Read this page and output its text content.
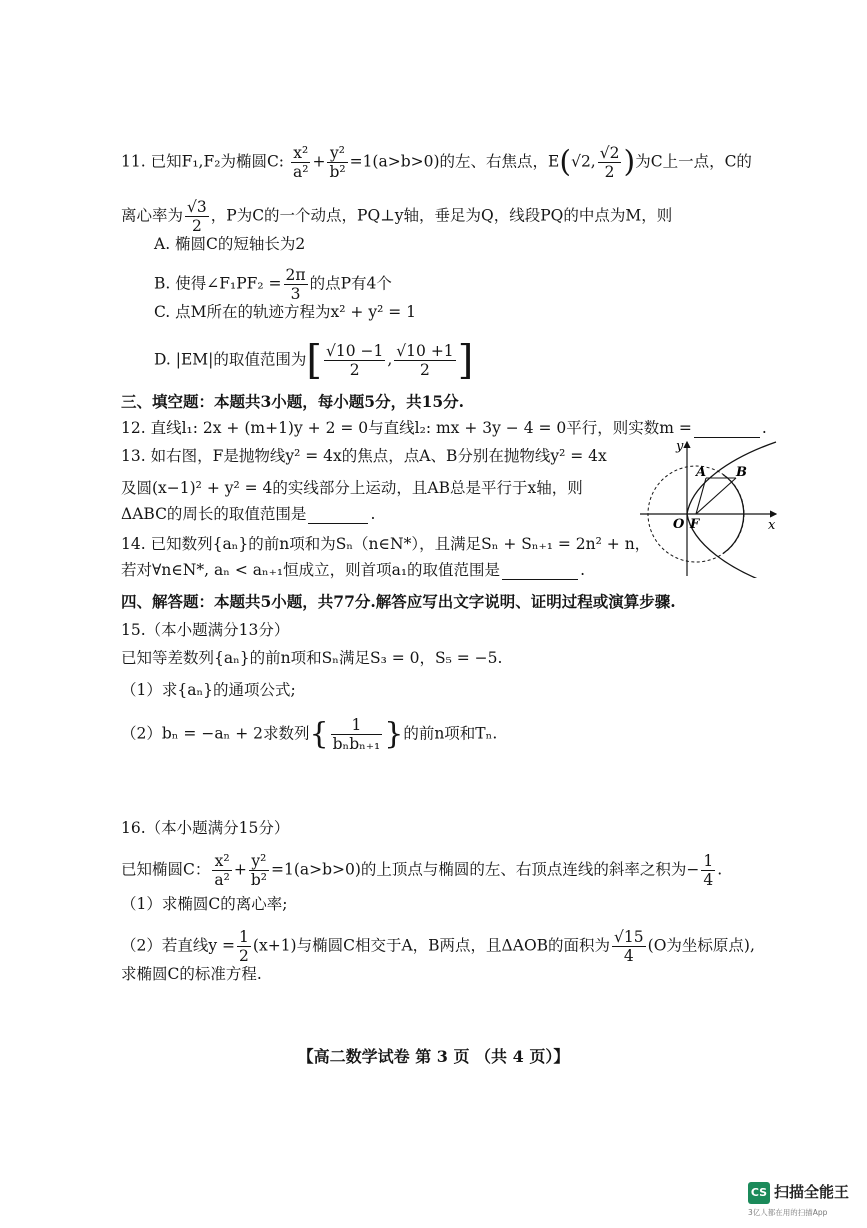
11. 已知F₁,F₂为椭圆C: $\frac{\text{x²}}{\text{a²}} + \frac{\text{y²}}{\text{b²}} =1(a>b>0)$的左、右焦点，E(√2, $\frac{√2}{2}$ )为C上一点，C的
离心率为 $\frac{√3}{2}$ ，P为C的一个动点，PQ⊥y轴，垂足为Q，线段PQ的中点为M，则
A. 椭圆C的短轴长为2
B. 使得∠F₁PF₂ = $\frac{2\pi}{3}$ 的点P有4个
C. 点M所在的轨迹方程为x² + y² = 1
D. |EM|的取值范围为[ $\frac{√10 -1}{2}$ , $\frac{√10 +1}{2}$ ]
三、填空题：本题共3小题，每小题5分，共15分.
12. 直线l₁: 2x + (m+1)y + 2 = 0与直线l₂: mx + 3y − 4 = 0平行，则实数m =	.
13. 如右图，F是抛物线y² = 4x的焦点，点A、B分别在抛物线y² = 4x
及圆(x−1)² + y² = 4的实线部分上运动，且AB总是平行于x轴，则
ΔABC的周长的取值范围是	.
y
x
O F
A B
14. 已知数列{aₙ}的前n项和为Sₙ（n∈N*），且满足Sₙ + Sₙ₊₁ = 2n² + n，
若对∀n∈N*, aₙ < aₙ₊₁恒成立，则首项a₁的取值范围是	.
四、解答题：本题共5小题，共77分.解答应写出文字说明、证明过程或演算步骤.
15.（本小题满分13分）
已知等差数列{aₙ}的前n项和Sₙ满足S₃ = 0，S₅ = −5.
（1）求{aₙ}的通项公式;
（2）bₙ = −aₙ + 2求数列{ $\frac{1}{\text{bₙbₙ₊₁}}$ }的前n项和Tₙ.
16.（本小题满分15分）
已知椭圆C： $\frac{\text{x²}}{\text{a²}} + \frac{\text{y²}}{\text{b²}} =1(a>b>0)$的上顶点与椭圆的左、右顶点连线的斜率之积为− $\frac{1}{4}$ .
（1）求椭圆C的离心率;
（2）若直线$y = \frac{1}{2} (x+1)$与椭圆C相交于A，B两点，且ΔAOB的面积为 $\frac{√15}{4} (O$为坐标原点),
求椭圆C的标准方程.
【高二数学试卷 第 3 页 （共 4 页）】
CS 扫描全能王
3亿人都在用的扫描App
